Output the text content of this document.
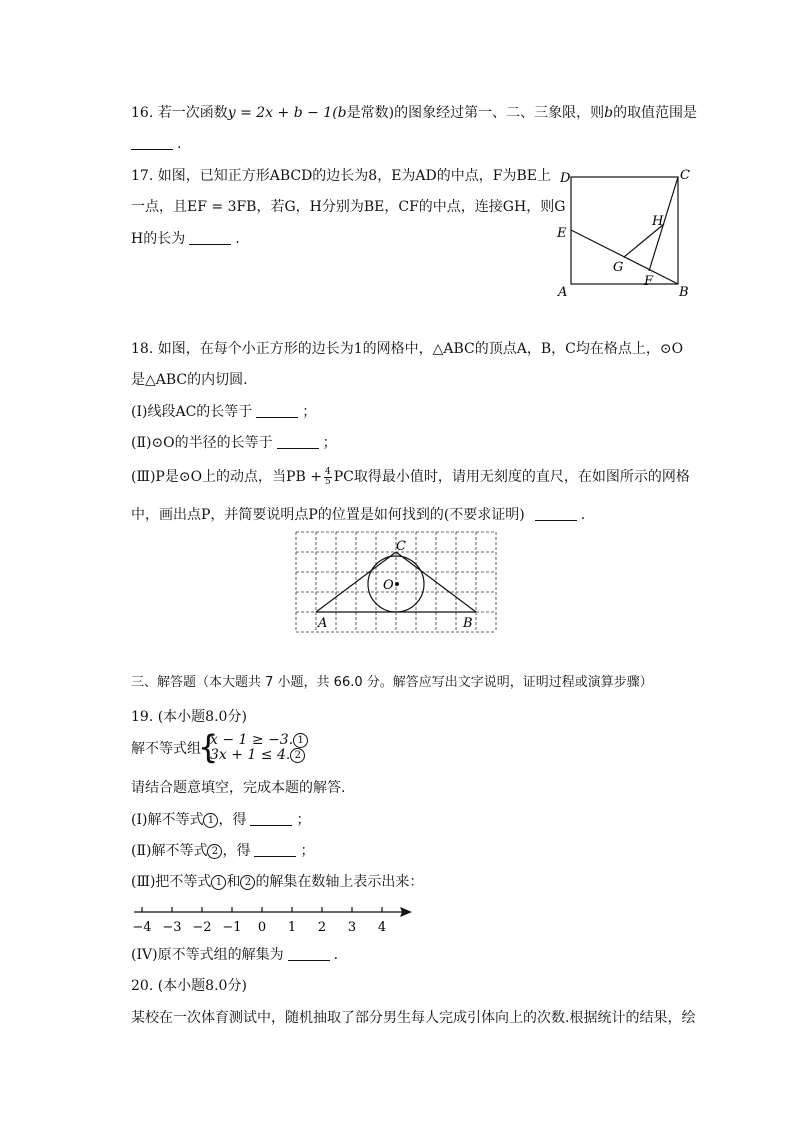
16. 若一次函数y = 2x + b − 1(b是常数)的图象经过第一、二、三象限，则b的取值范围是
.
17. 如图，已知正方形ABCD的边长为8，E为AD的中点，F为BE上
一点，且EF = 3FB，若G，H分别为BE，CF的中点，连接GH，则G
H的长为	.
D	C
E
H
G
F
A	B
18. 如图，在每个小正方形的边长为1的网格中，△ABC的顶点A，B，C均在格点上，⊙O
是△ABC的内切圆.
(Ⅰ)线段AC的长等于	；
(Ⅱ)⊙O的半径的长等于	；
(Ⅲ)P是⊙O上的动点，当PB + $\frac{4}{5}$ PC取得最小值时，请用无刻度的直尺，在如图所示的网格
中，画出点P，并简要说明点P的位置是如何找到的(不要求证明)	.
C
O
A	B
三、解答题（本大题共 7 小题，共 66.0 分。解答应写出文字说明，证明过程或演算步骤）
19. (本小题8.0分)
解不等式组
{
x − 1 ≥ −3. 1
3x + 1 ≤ 4. 2
请结合题意填空，完成本题的解答.
(Ⅰ)解不等式 1 ，得	；
(Ⅱ)解不等式 2 ，得	；
(Ⅲ)把不等式 1 和 2 的解集在数轴上表示出来：
−4 −3 −2 −1 0 1 2 3 4
(IV)原不等式组的解集为	.
20. (本小题8.0分)
某校在一次体育测试中，随机抽取了部分男生每人完成引体向上的次数.根据统计的结果，绘
